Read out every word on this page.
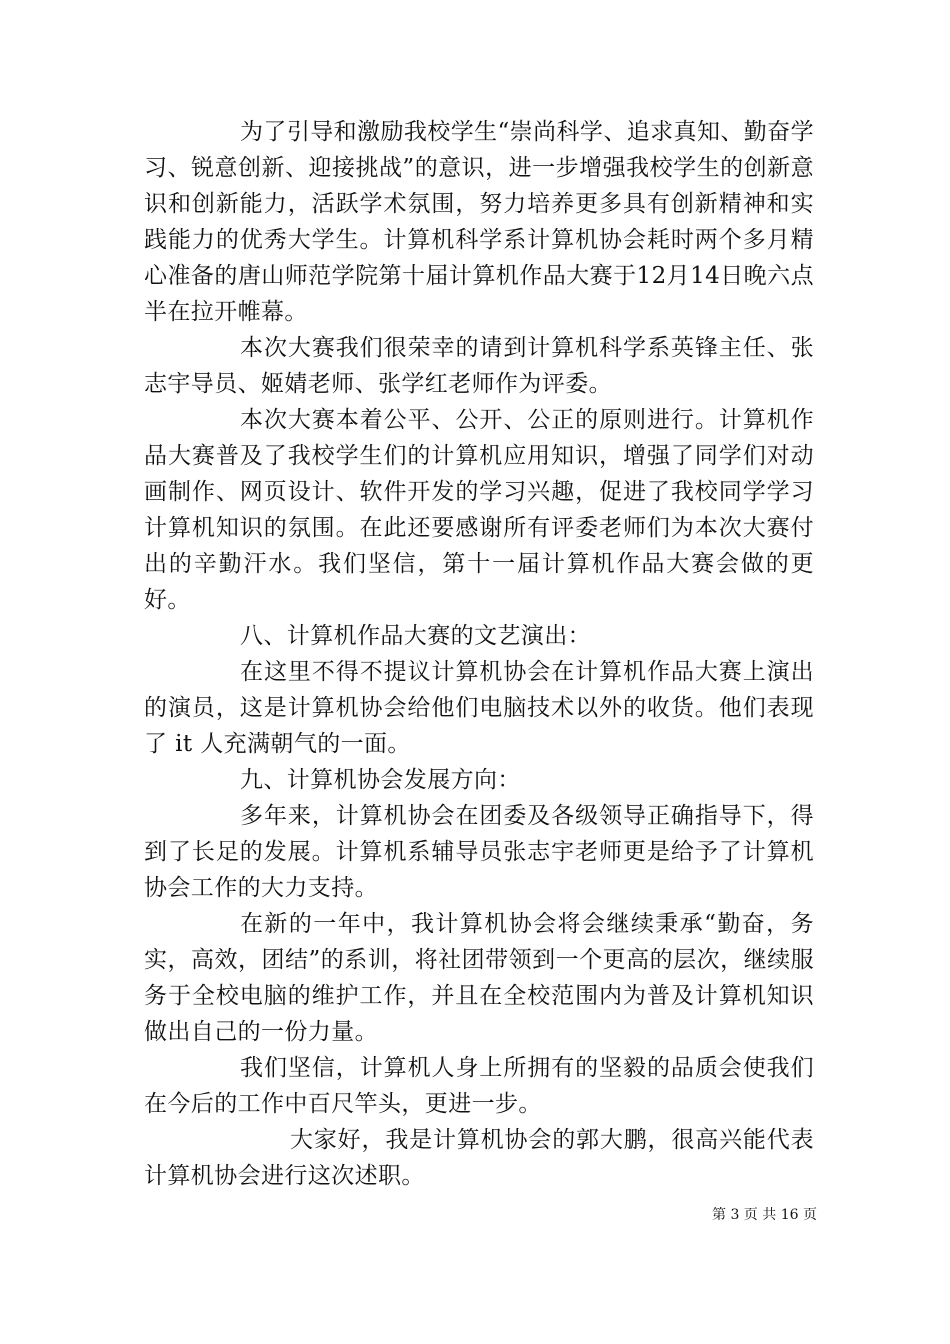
为了引导和激励我校学生“崇尚科学、追求真知、勤奋学习、锐意创新、迎接挑战”的意识，进一步增强我校学生的创新意识和创新能力，活跃学术氛围，努力培养更多具有创新精神和实践能力的优秀大学生。计算机科学系计算机协会耗时两个多月精心准备的唐山师范学院第十届计算机作品大赛于12月14日晚六点半在拉开帷幕。

本次大赛我们很荣幸的请到计算机科学系英锋主任、张志宇导员、姬婧老师、张学红老师作为评委。

本次大赛本着公平、公开、公正的原则进行。计算机作品大赛普及了我校学生们的计算机应用知识，增强了同学们对动画制作、网页设计、软件开发的学习兴趣，促进了我校同学学习计算机知识的氛围。在此还要感谢所有评委老师们为本次大赛付出的辛勤汗水。我们坚信，第十一届计算机作品大赛会做的更好。

八、计算机作品大赛的文艺演出：

在这里不得不提议计算机协会在计算机作品大赛上演出的演员，这是计算机协会给他们电脑技术以外的收货。他们表现了 it 人充满朝气的一面。

九、计算机协会发展方向：

多年来，计算机协会在团委及各级领导正确指导下，得到了长足的发展。计算机系辅导员张志宇老师更是给予了计算机协会工作的大力支持。

在新的一年中，我计算机协会将会继续秉承“勤奋，务实，高效，团结”的系训，将社团带领到一个更高的层次，继续服务于全校电脑的维护工作，并且在全校范围内为普及计算机知识做出自己的一份力量。

我们坚信，计算机人身上所拥有的坚毅的品质会使我们在今后的工作中百尺竿头，更进一步。

大家好，我是计算机协会的郭大鹏，很高兴能代表计算机协会进行这次述职。

第 3 页 共 16 页
